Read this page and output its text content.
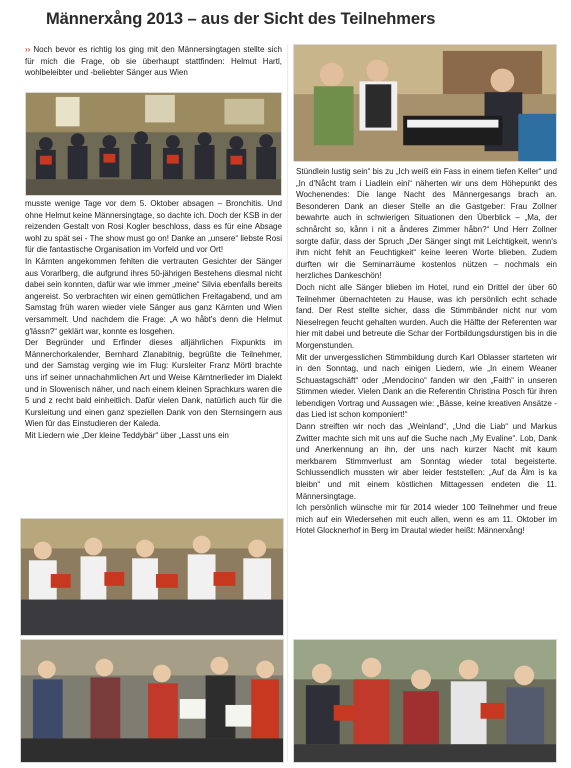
Männerxång 2013 – aus der Sicht des Teilnehmers

›› Noch bevor es richtig los ging mit den Männersingtagen stellte sich für mich die Frage, ob sie überhaupt stattfinden: Helmut Hartl, wohlbeleibter und -beliebter Sänger aus Wien

musste wenige Tage vor dem 5. Oktober absagen – Bronchitis. Und ohne Helmut keine Männersingtage, so dachte ich. Doch der KSB in der reizenden Gestalt von Rosi Kogler beschloss, dass es für eine Absage wohl zu spät sei - The show must go on! Danke an „unsere“ liebste Rosi für die fantastische Organisation im Vorfeld und vor Ort!

In Kärnten angekommen fehlten die vertrauten Gesichter der Sänger aus Vorarlberg, die aufgrund ihres 50-jährigen Bestehens diesmal nicht dabei sein konnten, dafür war wie immer „meine“ Silvia ebenfalls bereits angereist. So verbrachten wir einen gemütlichen Freitagabend, und am Samstag früh waren wieder viele Sänger aus ganz Kärnten und Wien versammelt. Und nachdem die Frage: „A wo håbt's denn die Helmut g'lässn?“ geklärt war, konnte es losgehen.

Der Begründer und Erfinder dieses alljährlichen Fixpunkts im Männerchorkalender, Bernhard Zlanabitnig, begrüßte die Teilnehmer, und der Samstag verging wie im Flug: Kursleiter Franz Mörtl brachte uns irf seiner unnachahmlichen Art und Weise Kärntnerlieder im Dialekt und in Slowenisch näher, und nach einem kleinen Sprachkurs waren die 5 und z recht bald einheitlich. Dafür vielen Dank, natürlich auch für die Kursleitung und einen ganz speziellen Dank von den Sternsingern aus Wien für das Einstudieren der Kaleda.

Mit Liedern wie „Der kleine Teddybär“ über „Lasst uns ein

Stündlein lustig sein“ bis zu „Ich weiß ein Fass in einem tiefen Keller“ und „In d'Nåcht tram i Liadlein eini“ näherten wir uns dem Höhepunkt des Wochenendes: Die lange Nacht des Männergesangs brach an. Besonderen Dank an dieser Stelle an die Gastgeber: Frau Zollner bewahrte auch in schwierigen Situationen den Überblick – „Ma, der schnårcht so, kånn i nit a ånderes Zimmer håbn?“ Und Herr Zollner sorgte dafür, dass der Spruch „Der Sänger singt mit Leichtigkeit, wenn's ihm nicht fehlt an Feuchtigkeit“ keine leeren Worte blieben. Zudem durften wir die Seminarräume kostenlos nützen – nochmals ein herzliches Dankeschön!

Doch nicht alle Sänger blieben im Hotel, rund ein Drittel der über 60 Teilnehmer übernachteten zu Hause, was ich persönlich echt schade fand. Der Rest stellte sicher, dass die Stimmbänder nicht nur vom Nieselregen feucht gehalten wurden. Auch die Hälfte der Referenten war hier mit dabei und betreute die Schar der Fortbildungsdurstigen bis in die Morgenstunden.

Mit der unvergesslichen Stimmbildung durch Karl Oblasser starteten wir in den Sonntag, und nach einigen Liedern, wie „In einem Weaner Schuastagschäft“ oder „Mendocino“ fanden wir den „Faith“ in unseren Stimmen wieder. Vielen Dank an die Referentin Christina Posch für ihren lebendigen Vortrag und Aussagen wie: „Bässe, keine kreativen Ansätze - das Lied ist schon komponiert!“

Dann streiften wir noch das „Weinland“, „Und die Liab“ und Markus Zwitter machte sich mit uns auf die Suche nach „My Evaline“. Lob, Dank und Anerkennung an ihn, der uns nach kurzer Nacht mit kaum merkbarem Stimmverlust am Sonntag wieder total begeisterte. Schlussendlich mussten wir aber leider feststellen: „Auf da Ålm is ka bleibn“ und mit einem köstlichen Mittagessen endeten die 11. Männersingtage.

Ich persönlich wünsche mir für 2014 wieder 100 Teilnehmer und freue mich auf ein Wiedersehen mit euch allen, wenn es am 11. Oktober im Hotel Glocknerhof in Berg im Drautal wieder heißt: Männerxång!
